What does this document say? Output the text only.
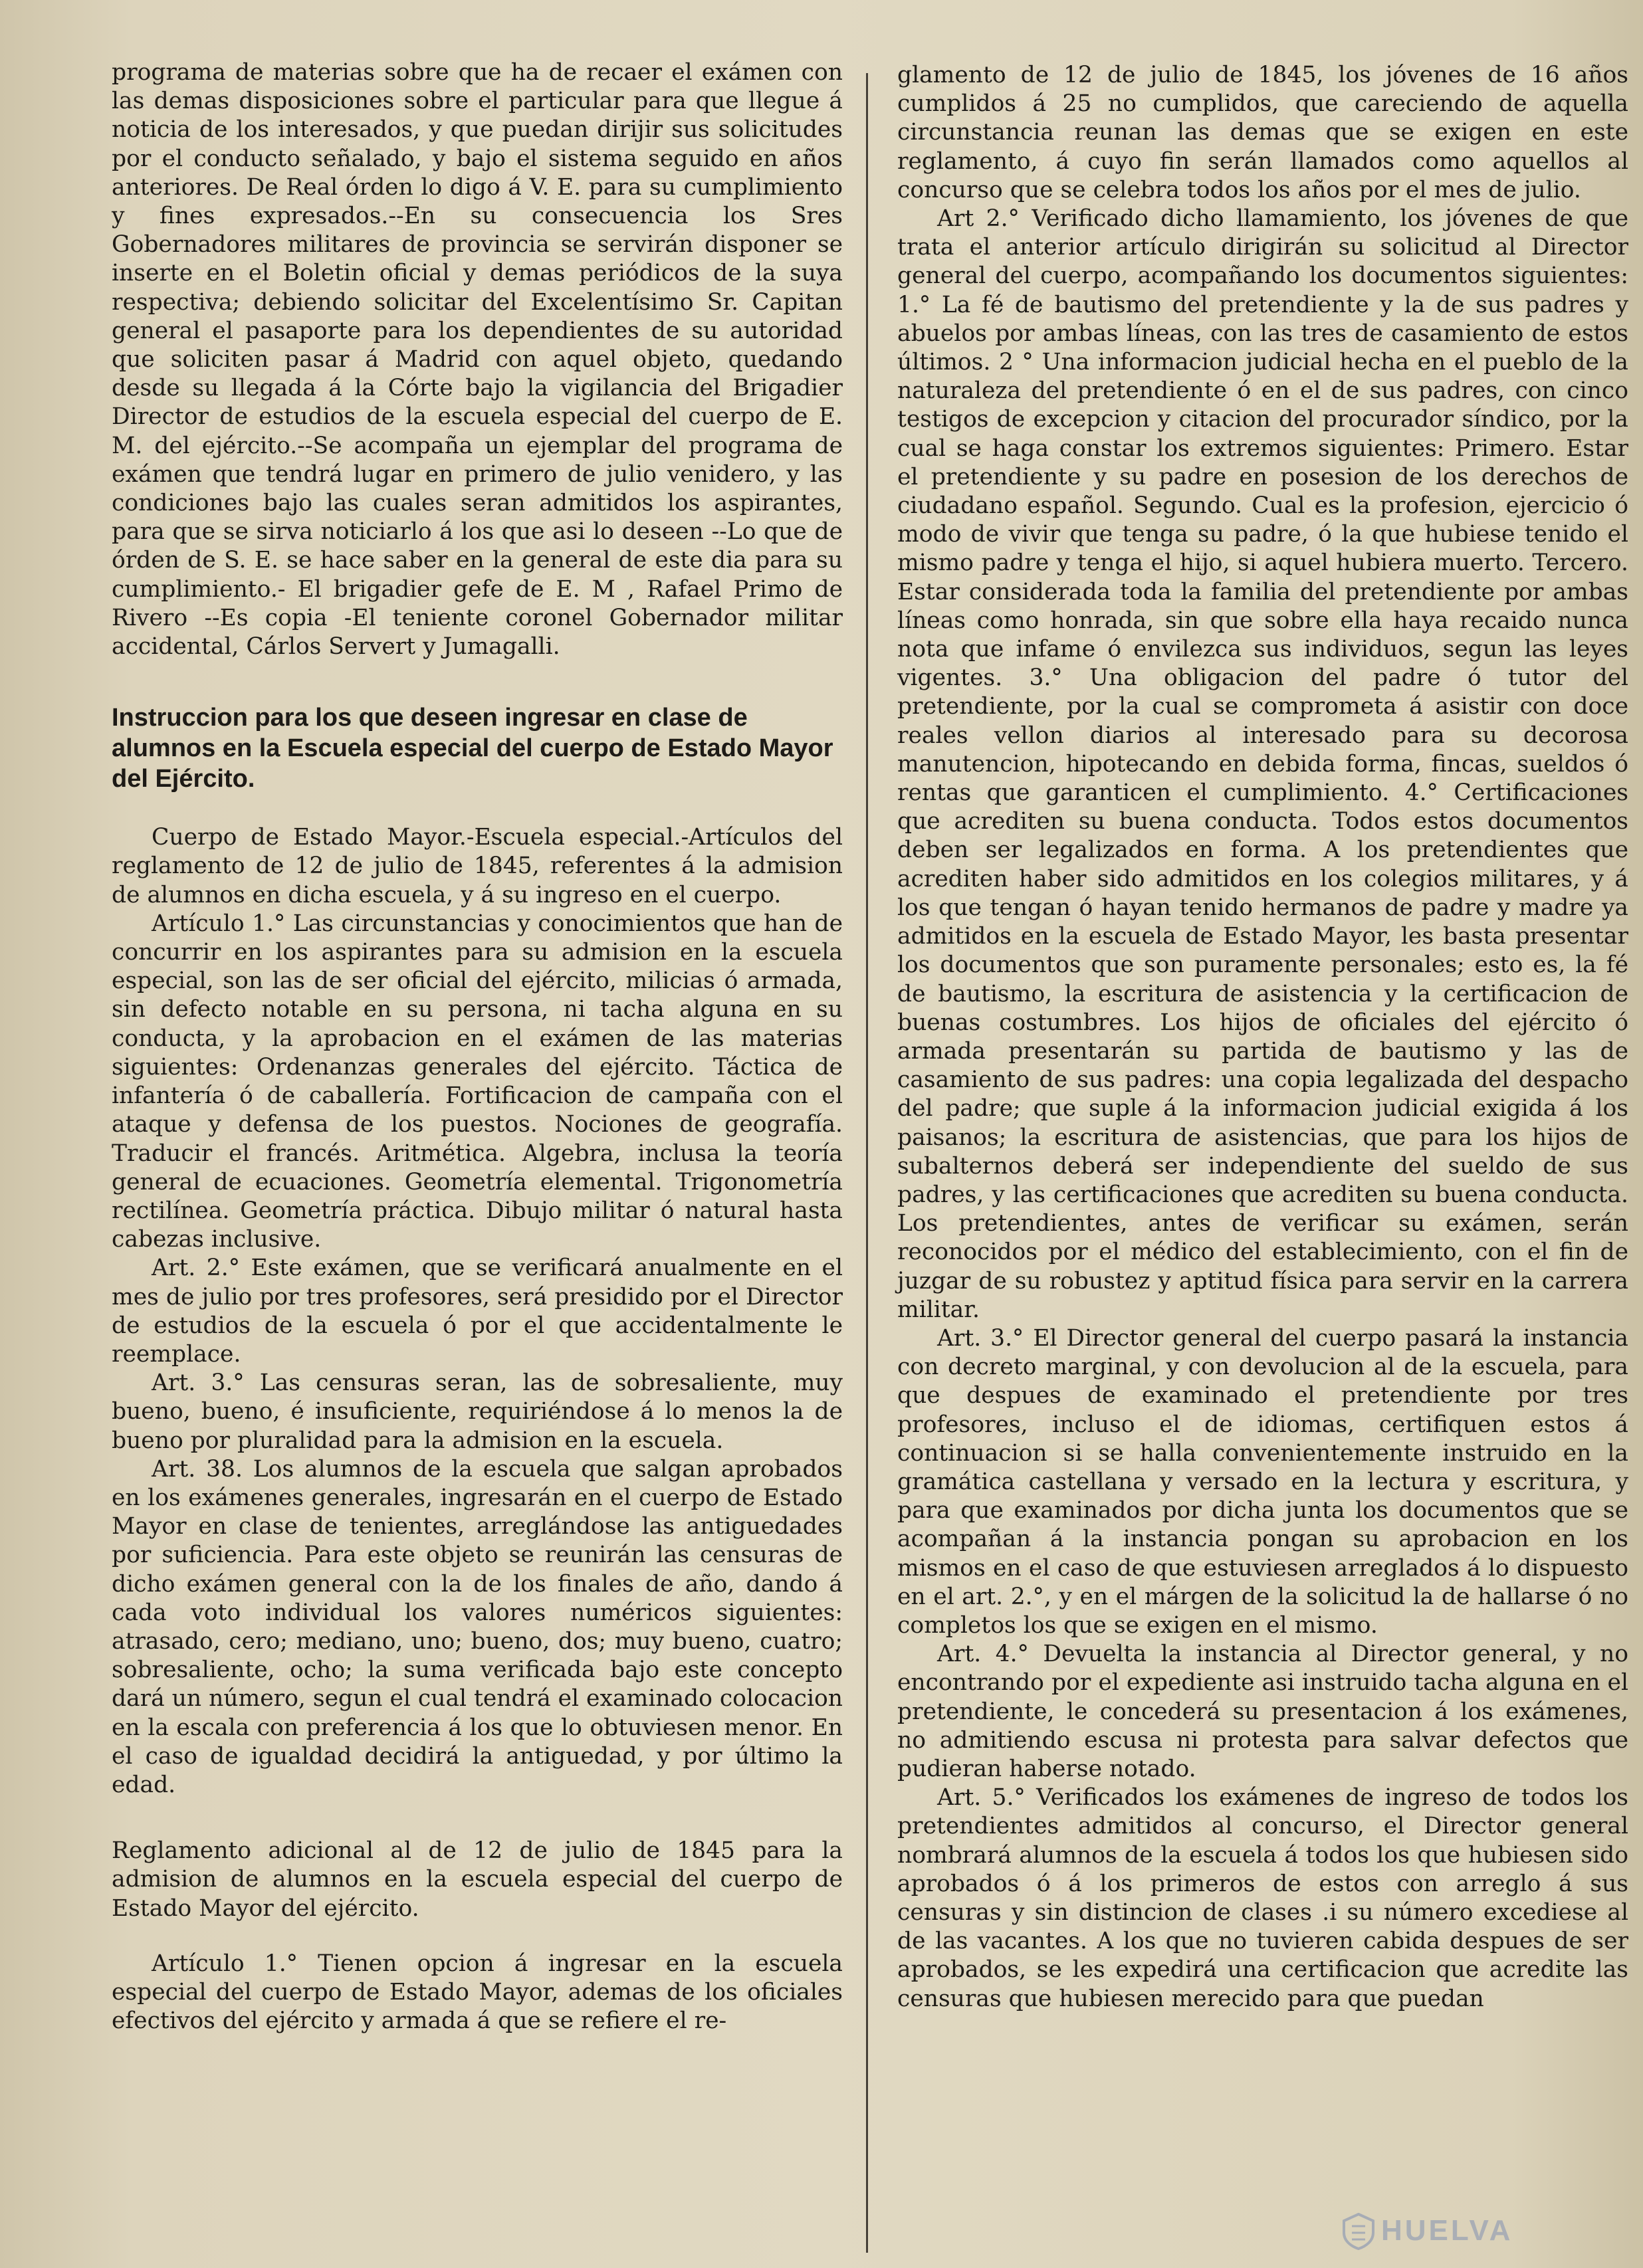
programa de materias sobre que ha de recaer el exámen con las demas disposiciones sobre el particular para que llegue á noticia de los interesados, y que puedan dirijir sus solicitudes por el conducto señalado, y bajo el sistema seguido en años anteriores. De Real órden lo digo á V. E. para su cumplimiento y fines expresados.--En su consecuencia los Sres Gobernadores militares de provincia se servirán disponer se inserte en el Boletin oficial y demas periódicos de la suya respectiva; debiendo solicitar del Excelentísimo Sr. Capitan general el pasaporte para los dependientes de su autoridad que soliciten pasar á Madrid con aquel objeto, quedando desde su llegada á la Córte bajo la vigilancia del Brigadier Director de estudios de la escuela especial del cuerpo de E. M. del ejército.--Se acompaña un ejemplar del programa de exámen que tendrá lugar en primero de julio venidero, y las condiciones bajo las cuales seran admitidos los aspirantes, para que se sirva noticiarlo á los que asi lo deseen --Lo que de órden de S. E. se hace saber en la general de este dia para su cumplimiento.- El brigadier gefe de E. M , Rafael Primo de Rivero --Es copia -El teniente coronel Gobernador militar accidental, Cárlos Servert y Jumagalli.

Instruccion para los que deseen ingresar en clase de alumnos en la Escuela especial del cuerpo de Estado Mayor del Ejército.

Cuerpo de Estado Mayor.-Escuela especial.-Artículos del reglamento de 12 de julio de 1845, referentes á la admision de alumnos en dicha escuela, y á su ingreso en el cuerpo.

Artículo 1.° Las circunstancias y conocimientos que han de concurrir en los aspirantes para su admision en la escuela especial, son las de ser oficial del ejército, milicias ó armada, sin defecto notable en su persona, ni tacha alguna en su conducta, y la aprobacion en el exámen de las materias siguientes: Ordenanzas generales del ejército. Táctica de infantería ó de caballería. Fortificacion de campaña con el ataque y defensa de los puestos. Nociones de geografía. Traducir el francés. Aritmética. Algebra, inclusa la teoría general de ecuaciones. Geometría elemental. Trigonometría rectilínea. Geometría práctica. Dibujo militar ó natural hasta cabezas inclusive.

Art. 2.° Este exámen, que se verificará anualmente en el mes de julio por tres profesores, será presidido por el Director de estudios de la escuela ó por el que accidentalmente le reemplace.

Art. 3.° Las censuras seran, las de sobresaliente, muy bueno, bueno, é insuficiente, requiriéndose á lo menos la de bueno por pluralidad para la admision en la escuela.

Art. 38. Los alumnos de la escuela que salgan aprobados en los exámenes generales, ingresarán en el cuerpo de Estado Mayor en clase de tenientes, arreglándose las antiguedades por suficiencia. Para este objeto se reunirán las censuras de dicho exámen general con la de los finales de año, dando á cada voto individual los valores numéricos siguientes: atrasado, cero; mediano, uno; bueno, dos; muy bueno, cuatro; sobresaliente, ocho; la suma verificada bajo este concepto dará un número, segun el cual tendrá el examinado colocacion en la escala con preferencia á los que lo obtuviesen menor. En el caso de igualdad decidirá la antiguedad, y por último la edad.

Reglamento adicional al de 12 de julio de 1845 para la admision de alumnos en la escuela especial del cuerpo de Estado Mayor del ejército.

Artículo 1.° Tienen opcion á ingresar en la escuela especial del cuerpo de Estado Mayor, ademas de los oficiales efectivos del ejército y armada á que se refiere el re-

glamento de 12 de julio de 1845, los jóvenes de 16 años cumplidos á 25 no cumplidos, que careciendo de aquella circunstancia reunan las demas que se exigen en este reglamento, á cuyo fin serán llamados como aquellos al concurso que se celebra todos los años por el mes de julio.

Art 2.° Verificado dicho llamamiento, los jóvenes de que trata el anterior artículo dirigirán su solicitud al Director general del cuerpo, acompañando los documentos siguientes: 1.° La fé de bautismo del pretendiente y la de sus padres y abuelos por ambas líneas, con las tres de casamiento de estos últimos. 2 ° Una informacion judicial hecha en el pueblo de la naturaleza del pretendiente ó en el de sus padres, con cinco testigos de excepcion y citacion del procurador síndico, por la cual se haga constar los extremos siguientes: Primero. Estar el pretendiente y su padre en posesion de los derechos de ciudadano español. Segundo. Cual es la profesion, ejercicio ó modo de vivir que tenga su padre, ó la que hubiese tenido el mismo padre y tenga el hijo, si aquel hubiera muerto. Tercero. Estar considerada toda la familia del pretendiente por ambas líneas como honrada, sin que sobre ella haya recaido nunca nota que infame ó envilezca sus individuos, segun las leyes vigentes. 3.° Una obligacion del padre ó tutor del pretendiente, por la cual se comprometa á asistir con doce reales vellon diarios al interesado para su decorosa manutencion, hipotecando en debida forma, fincas, sueldos ó rentas que garanticen el cumplimiento. 4.° Certificaciones que acrediten su buena conducta. Todos estos documentos deben ser legalizados en forma. A los pretendientes que acrediten haber sido admitidos en los colegios militares, y á los que tengan ó hayan tenido hermanos de padre y madre ya admitidos en la escuela de Estado Mayor, les basta presentar los documentos que son puramente personales; esto es, la fé de bautismo, la escritura de asistencia y la certificacion de buenas costumbres. Los hijos de oficiales del ejército ó armada presentarán su partida de bautismo y las de casamiento de sus padres: una copia legalizada del despacho del padre; que suple á la informacion judicial exigida á los paisanos; la escritura de asistencias, que para los hijos de subalternos deberá ser independiente del sueldo de sus padres, y las certificaciones que acrediten su buena conducta. Los pretendientes, antes de verificar su exámen, serán reconocidos por el médico del establecimiento, con el fin de juzgar de su robustez y aptitud física para servir en la carrera militar.

Art. 3.° El Director general del cuerpo pasará la instancia con decreto marginal, y con devolucion al de la escuela, para que despues de examinado el pretendiente por tres profesores, incluso el de idiomas, certifiquen estos á continuacion si se halla convenientemente instruido en la gramática castellana y versado en la lectura y escritura, y para que examinados por dicha junta los documentos que se acompañan á la instancia pongan su aprobacion en los mismos en el caso de que estuviesen arreglados á lo dispuesto en el art. 2.°, y en el márgen de la solicitud la de hallarse ó no completos los que se exigen en el mismo.

Art. 4.° Devuelta la instancia al Director general, y no encontrando por el expediente asi instruido tacha alguna en el pretendiente, le concederá su presentacion á los exámenes, no admitiendo escusa ni protesta para salvar defectos que pudieran haberse notado.

Art. 5.° Verificados los exámenes de ingreso de todos los pretendientes admitidos al concurso, el Director general nombrará alumnos de la escuela á todos los que hubiesen sido aprobados ó á los primeros de estos con arreglo á sus censuras y sin distincion de clases .i su número excediese al de las vacantes. A los que no tuvieren cabida despues de ser aprobados, se les expedirá una certificacion que acredite las censuras que hubiesen merecido para que puedan

HUELVA
